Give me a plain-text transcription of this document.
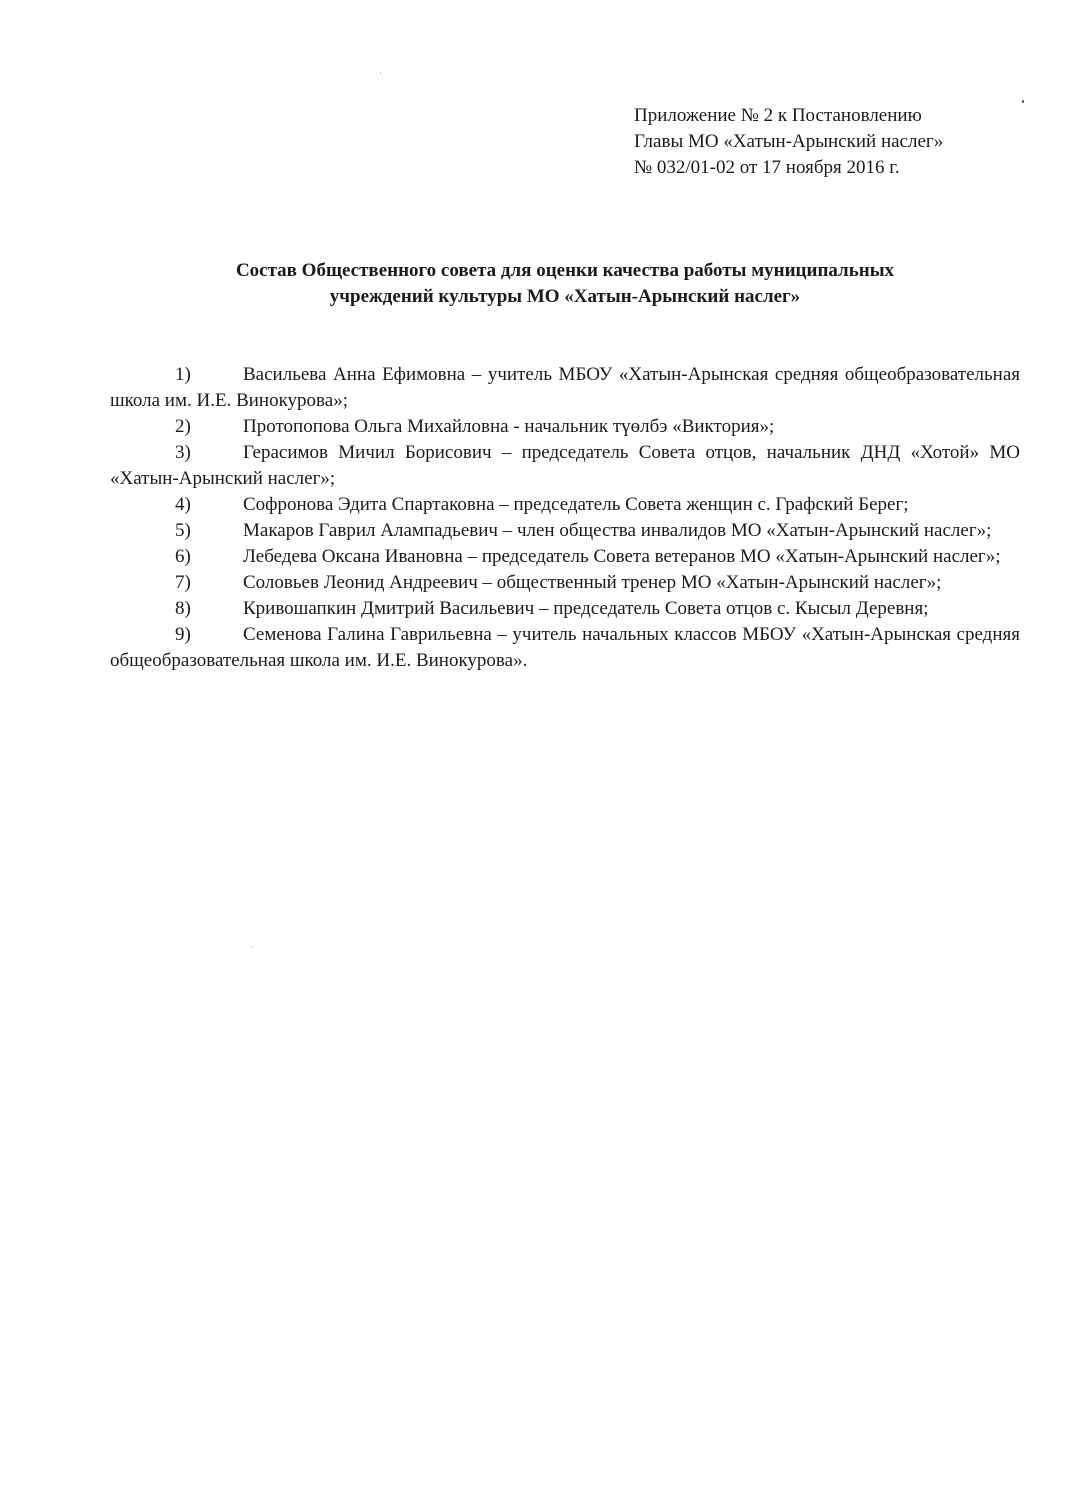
Приложение № 2 к Постановлению
Главы МО «Хатын-Арынский наслег»
№ 032/01-02 от 17 ноября 2016 г.
Состав Общественного совета для оценки качества работы муниципальных
учреждений культуры МО «Хатын-Арынский наслег»
1)	Васильева Анна Ефимовна – учитель МБОУ «Хатын-Арынская средняя общеобразовательная школа им. И.Е. Винокурова»;
2)	Протопопова Ольга Михайловна - начальник түөлбэ «Виктория»;
3)	Герасимов Мичил Борисович – председатель Совета отцов, начальник ДНД «Хотой» МО «Хатын-Арынский наслег»;
4)	Софронова Эдита Спартаковна – председатель Совета женщин с. Графский Берег;
5)	Макаров Гаврил Алампадьевич – член общества инвалидов МО «Хатын-Арынский наслег»;
6)	Лебедева Оксана Ивановна – председатель Совета ветеранов МО «Хатын-Арынский наслег»;
7)	Соловьев Леонид Андреевич – общественный тренер МО «Хатын-Арынский наслег»;
8)	Кривошапкин Дмитрий Васильевич – председатель Совета отцов с. Кысыл Деревня;
9)	Семенова Галина Гаврильевна – учитель начальных классов МБОУ «Хатын-Арынская средняя общеобразовательная школа им. И.Е. Винокурова».
